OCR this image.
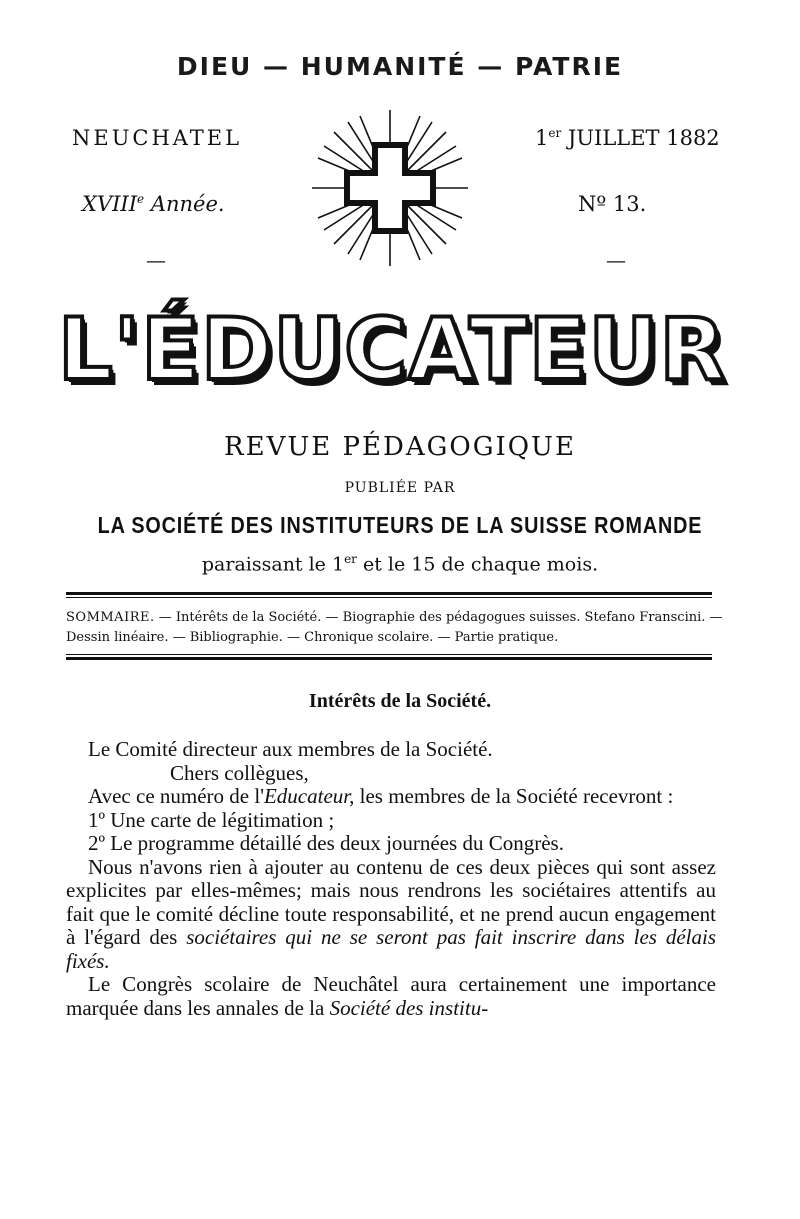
DIEU — HUMANITÉ — PATRIE
NEUCHATEL	1er JUILLET 1882
XVIIIe Année.	Nº 13.
—	—
L'ÉDUCATEUR
REVUE PÉDAGOGIQUE
PUBLIÉE PAR
LA SOCIÉTÉ DES INSTITUTEURS DE LA SUISSE ROMANDE
paraissant le 1er et le 15 de chaque mois.
SOMMAIRE. — Intérêts de la Société. — Biographie des pédagogues suisses. Stefano Franscini. —
Dessin linéaire. — Bibliographie. — Chronique scolaire. — Partie pratique.
Intérêts de la Société.

Le Comité directeur aux membres de la Société.

Chers collègues,

Avec ce numéro de l'Educateur, les membres de la Société recevront :

1º Une carte de légitimation ;

2º Le programme détaillé des deux journées du Congrès.

Nous n'avons rien à ajouter au contenu de ces deux pièces qui sont assez explicites par elles-mêmes; mais nous rendrons les sociétaires attentifs au fait que le comité décline toute responsabilité, et ne prend aucun engagement à l'égard des sociétaires qui ne se seront pas fait inscrire dans les délais fixés.

Le Congrès scolaire de Neuchâtel aura certainement une importance marquée dans les annales de la Société des institu-
